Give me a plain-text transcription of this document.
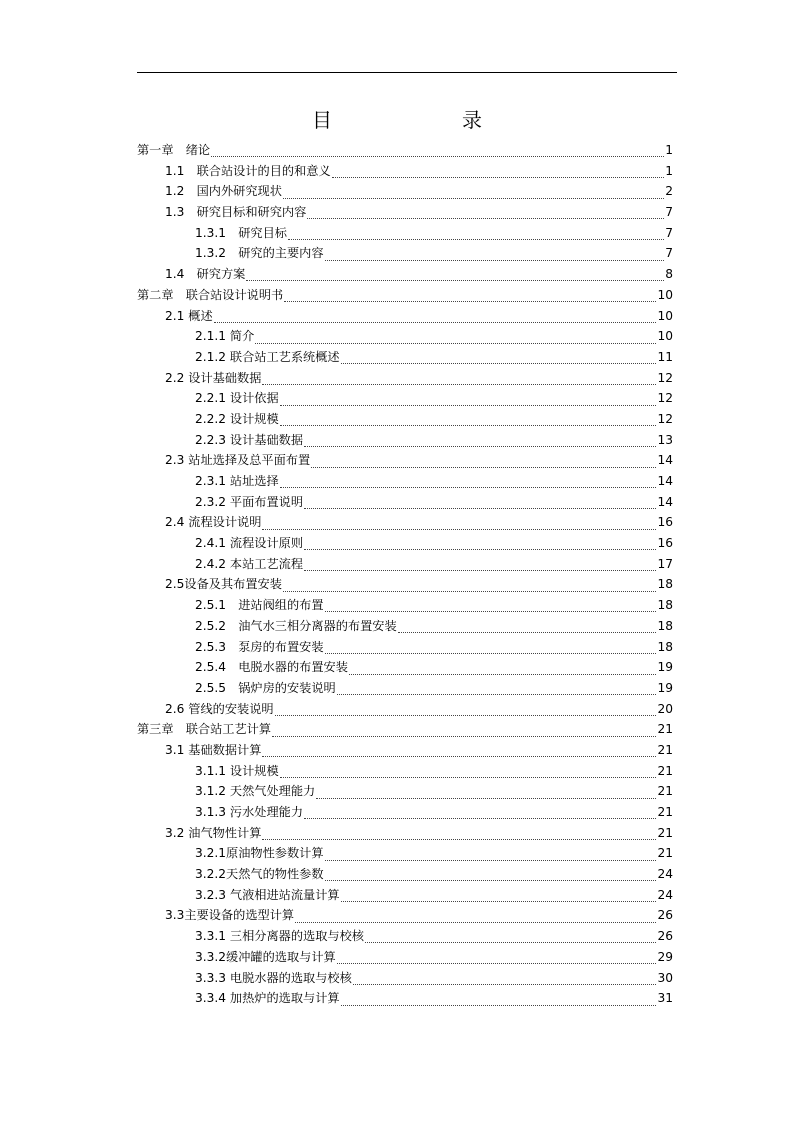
目　　录
第一章　绪论	1
1.1　联合站设计的目的和意义	1
1.2　国内外研究现状	2
1.3　研究目标和研究内容	7
1.3.1　研究目标	7
1.3.2　研究的主要内容	7
1.4　研究方案	8
第二章　联合站设计说明书	10
2.1 概述	10
2.1.1 简介	10
2.1.2 联合站工艺系统概述	11
2.2 设计基础数据	12
2.2.1 设计依据	12
2.2.2 设计规模	12
2.2.3 设计基础数据	13
2.3 站址选择及总平面布置	14
2.3.1 站址选择	14
2.3.2 平面布置说明	14
2.4 流程设计说明	16
2.4.1 流程设计原则	16
2.4.2 本站工艺流程	17
2.5设备及其布置安装	18
2.5.1　进站阀组的布置	18
2.5.2　油气水三相分离器的布置安装	18
2.5.3　泵房的布置安装	18
2.5.4　电脱水器的布置安装	19
2.5.5　锅炉房的安装说明	19
2.6 管线的安装说明	20
第三章　联合站工艺计算	21
3.1 基础数据计算	21
3.1.1 设计规模	21
3.1.2 天然气处理能力	21
3.1.3 污水处理能力	21
3.2 油气物性计算	21
3.2.1原油物性参数计算	21
3.2.2天然气的物性参数	24
3.2.3 气液相进站流量计算	24
3.3主要设备的选型计算	26
3.3.1 三相分离器的选取与校核	26
3.3.2缓冲罐的选取与计算	29
3.3.3 电脱水器的选取与校核	30
3.3.4 加热炉的选取与计算	31
